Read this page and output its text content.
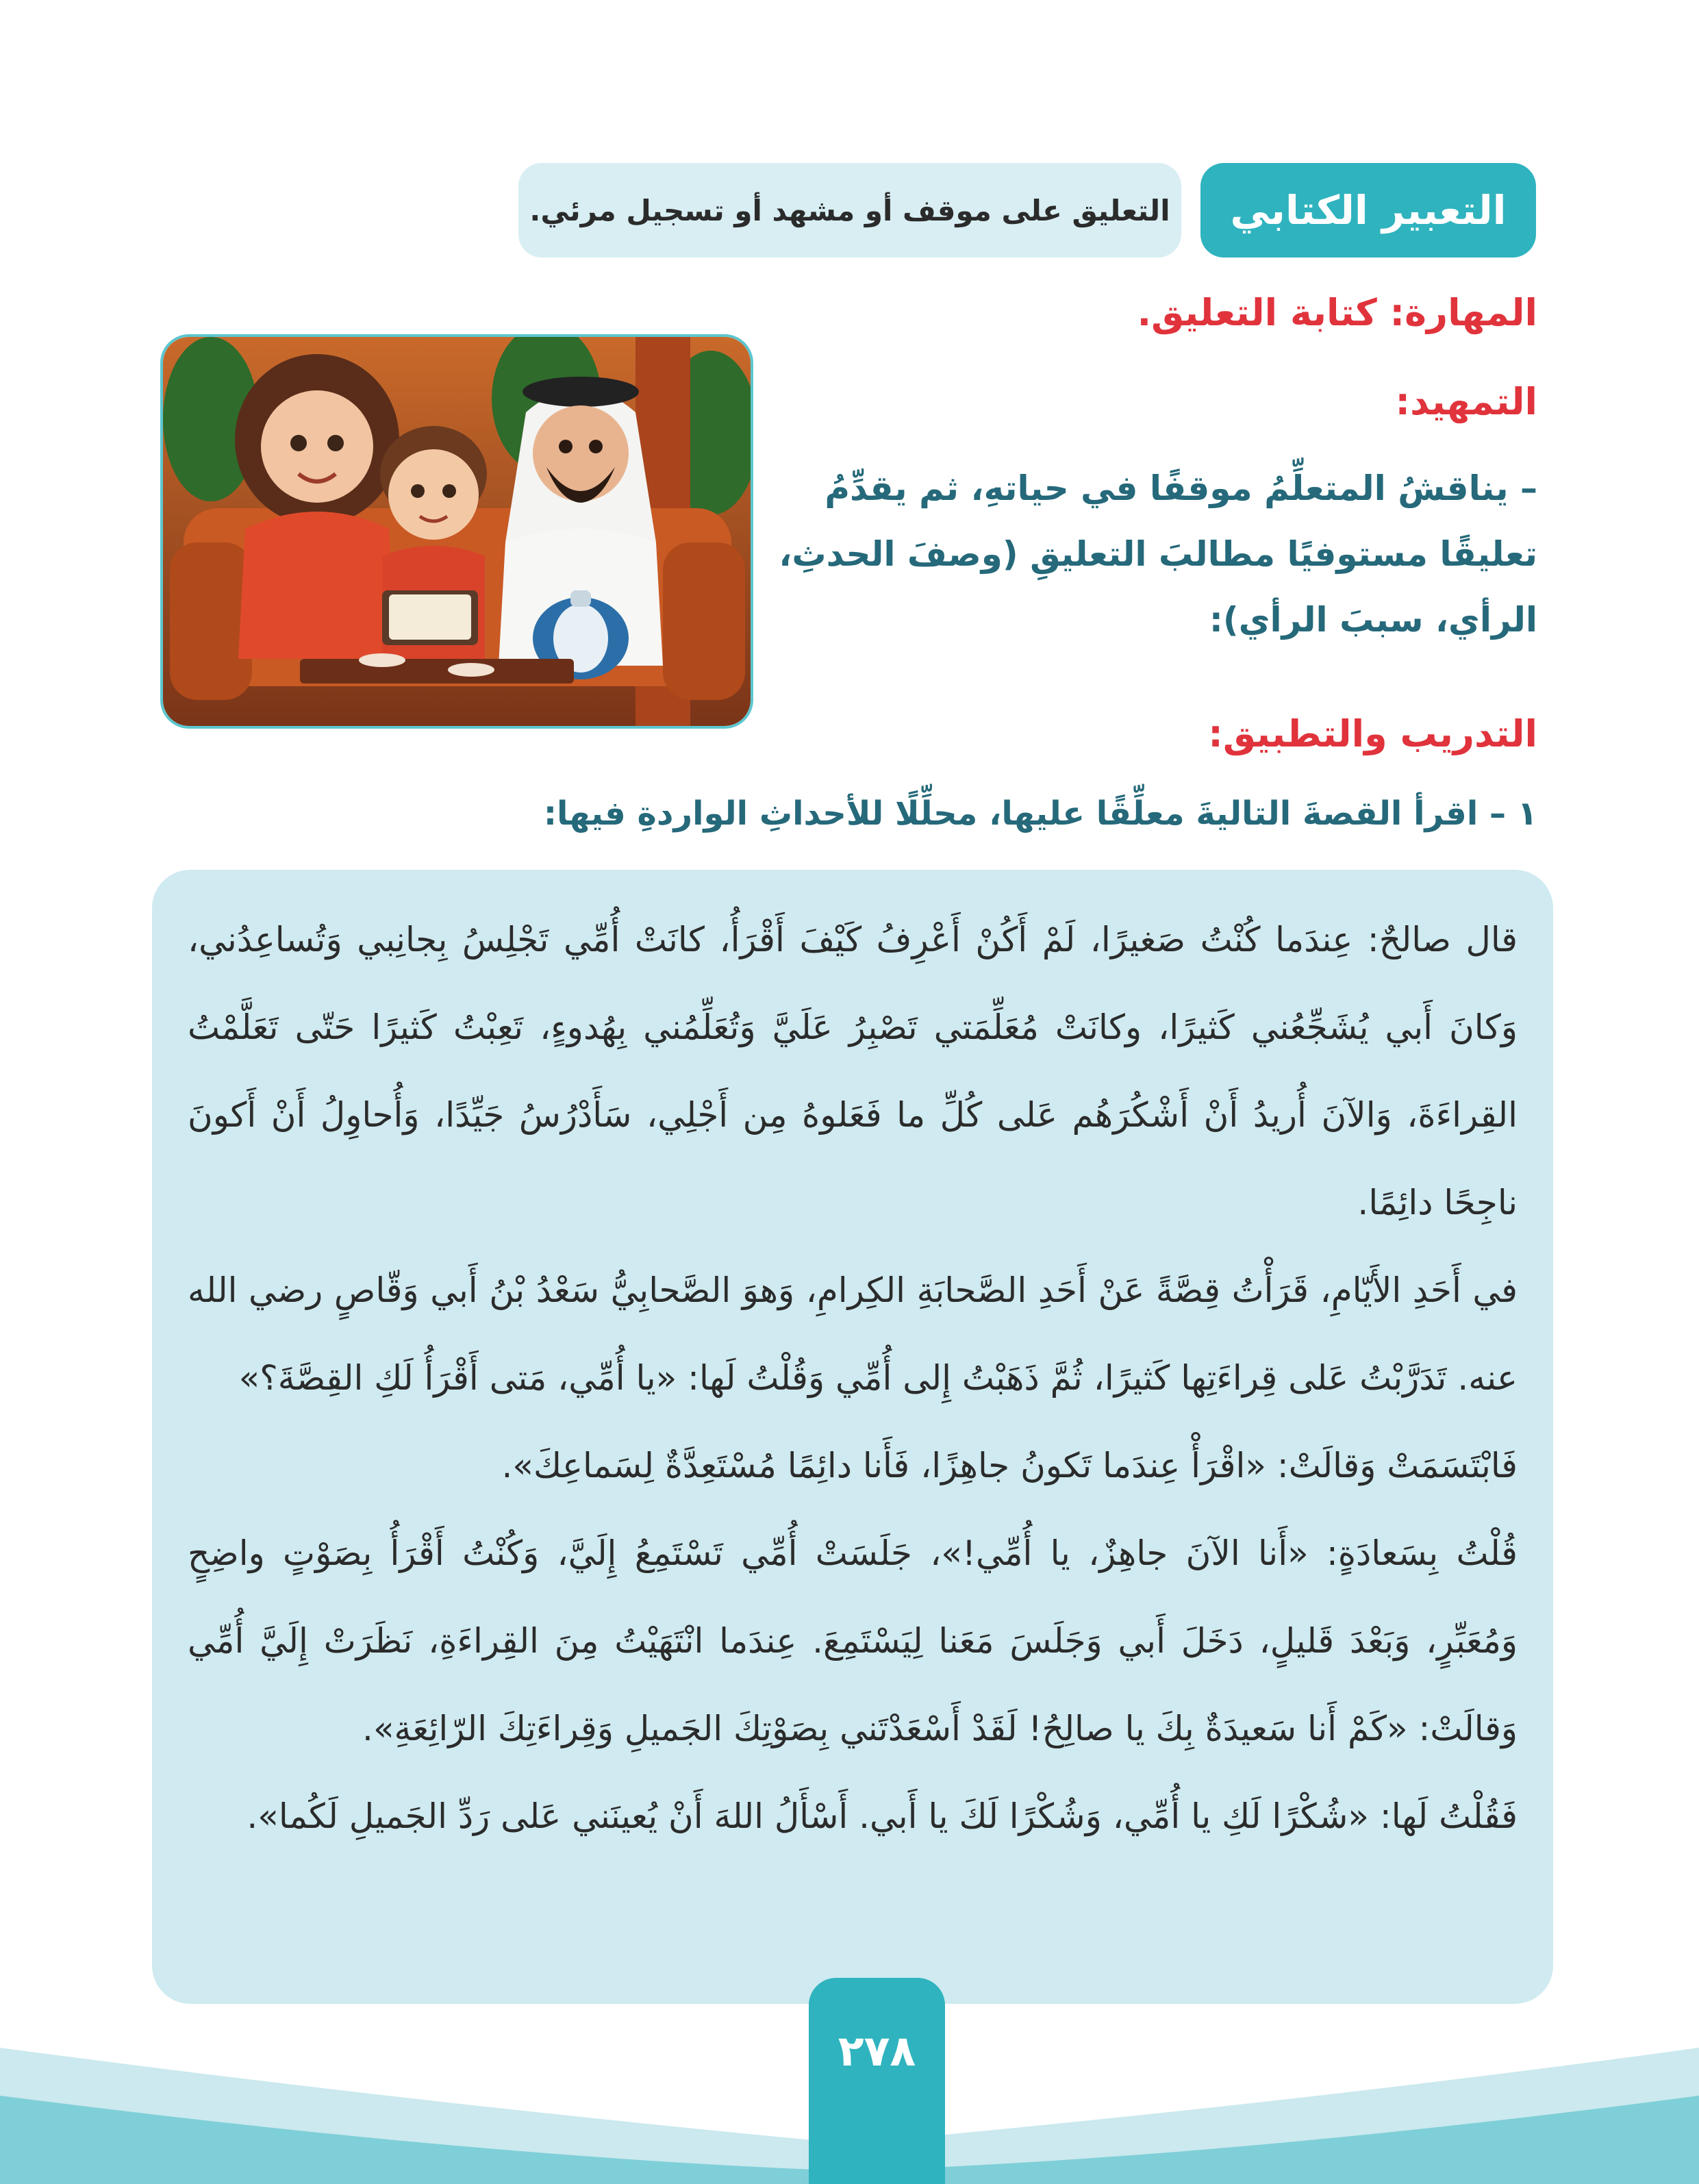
التعبير الكتابي
التعليق على موقف أو مشهد أو تسجيل مرئي.
المهارة: كتابة التعليق.
التمهيد:
– يناقشُ المتعلِّمُ موقفًا في حياتهِ، ثم يقدِّمُ تعليقًا مستوفيًا مطالبَ التعليقِ (وصفَ الحدثِ، الرأي، سببَ الرأي):
التدريب والتطبيق:
١ – اقرأ القصةَ التاليةَ معلِّقًا عليها، محلِّلًا للأحداثِ الواردةِ فيها:

قال صالحٌ: عِندَما كُنْتُ صَغيرًا، لَمْ أَكُنْ أَعْرِفُ كَيْفَ أَقْرَأُ، كانَتْ أُمِّي تَجْلِسُ بِجانِبي وَتُساعِدُني، وَكانَ أَبي يُشَجِّعُني كَثيرًا، وكانَتْ مُعَلِّمَتي تَصْبِرُ عَلَيَّ وَتُعَلِّمُني بِهُدوءٍ، تَعِبْتُ كَثيرًا حَتّى تَعَلَّمْتُ القِراءَةَ، وَالآنَ أُريدُ أَنْ أَشْكُرَهُم عَلى كُلِّ ما فَعَلوهُ مِن أَجْلِي، سَأَدْرُسُ جَيِّدًا، وَأُحاوِلُ أَنْ أَكونَ ناجِحًا دائِمًا.

في أَحَدِ الأَيّامِ، قَرَأْتُ قِصَّةً عَنْ أَحَدِ الصَّحابَةِ الكِرامِ، وَهوَ الصَّحابِيُّ سَعْدُ بْنُ أَبي وَقّاصٍ رضي الله عنه. تَدَرَّبْتُ عَلى قِراءَتِها كَثيرًا، ثُمَّ ذَهَبْتُ إِلى أُمِّي وَقُلْتُ لَها: «يا أُمِّي، مَتى أَقْرَأُ لَكِ القِصَّةَ؟»

فَابْتَسَمَتْ وَقالَتْ: «اقْرَأْ عِندَما تَكونُ جاهِزًا، فَأَنا دائِمًا مُسْتَعِدَّةٌ لِسَماعِكَ».

قُلْتُ بِسَعادَةٍ: «أَنا الآنَ جاهِزٌ، يا أُمِّي!»، جَلَسَتْ أُمِّي تَسْتَمِعُ إِلَيَّ، وَكُنْتُ أَقْرَأُ بِصَوْتٍ واضِحٍ وَمُعَبِّرٍ، وَبَعْدَ قَليلٍ، دَخَلَ أَبي وَجَلَسَ مَعَنا لِيَسْتَمِعَ. عِندَما انْتَهَيْتُ مِنَ القِراءَةِ، نَظَرَتْ إِلَيَّ أُمِّي وَقالَتْ: «كَمْ أَنا سَعيدَةٌ بِكَ يا صالِحُ! لَقَدْ أَسْعَدْتَني بِصَوْتِكَ الجَميلِ وَقِراءَتِكَ الرّائِعَةِ».

فَقُلْتُ لَها: «شُكْرًا لَكِ يا أُمِّي، وَشُكْرًا لَكَ يا أَبي. أَسْأَلُ اللهَ أَنْ يُعينَني عَلى رَدِّ الجَميلِ لَكُما».

٢٧٨
